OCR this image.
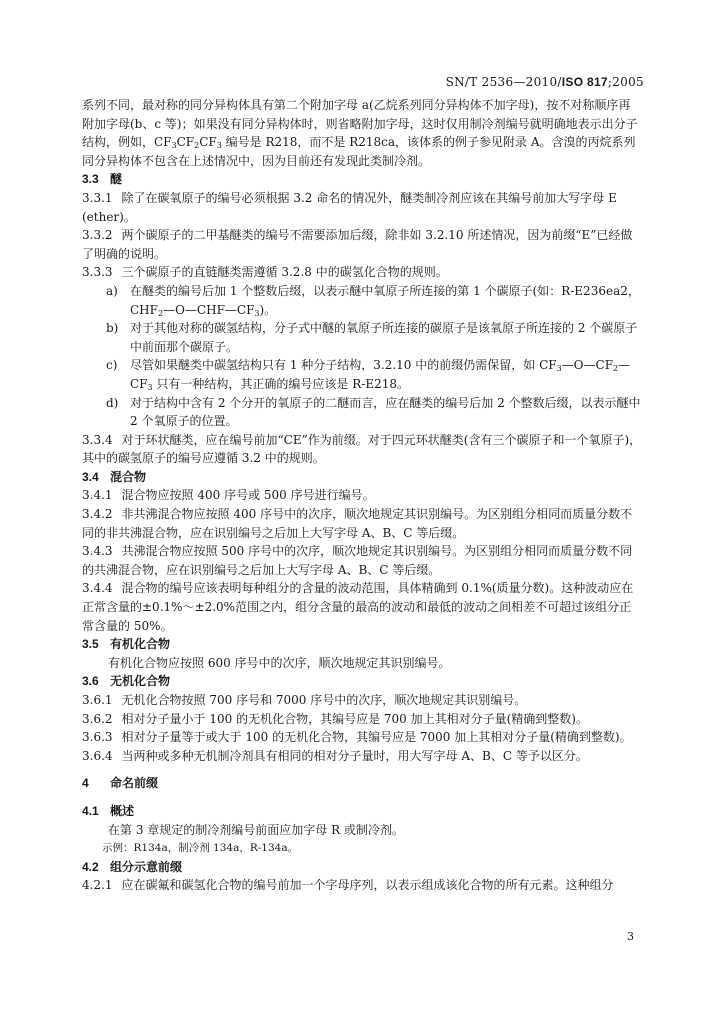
SN/T 2536—2010/ISO 817;2005

系列不同，最对称的同分异构体具有第二个附加字母 a(乙烷系列同分异构体不加字母)，按不对称顺序再附加字母(b、c 等)；如果没有同分异构体时，则省略附加字母，这时仅用制冷剂编号就明确地表示出分子结构，例如，$CF_3CF_2CF_3$ 编号是 R218，而不是 R218ca，该体系的例子参见附录 A。含溴的丙烷系列同分异构体不包含在上述情况中，因为目前还有发现此类制冷剂。

3.3 醚

3.3.1 除了在碳氧原子的编号必须根据 3.2 命名的情况外，醚类制冷剂应该在其编号前加大写字母 E (ether)。

3.3.2 两个碳原子的二甲基醚类的编号不需要添加后缀，除非如 3.2.10 所述情况，因为前缀“E”已经做了明确的说明。

3.3.3 三个碳原子的直链醚类需遵循 3.2.8 中的碳氢化合物的规则。

a) 在醚类的编号后加 1 个整数后缀，以表示醚中氧原子所连接的第 1 个碳原子(如：R-E236ea2，$CHF_2—O—CHF—CF_3$)。

b) 对于其他对称的碳氢结构，分子式中醚的氧原子所连接的碳原子是该氧原子所连接的 2 个碳原子中前面那个碳原子。

c) 尽管如果醚类中碳氢结构只有 1 种分子结构，3.2.10 中的前缀仍需保留，如 $CF_3—O—CF_2—CF_3$ 只有一种结构，其正确的编号应该是 R-E218。

d) 对于结构中含有 2 个分开的氧原子的二醚而言，应在醚类的编号后加 2 个整数后缀，以表示醚中 2 个氧原子的位置。

3.3.4 对于环状醚类，应在编号前加“CE”作为前缀。对于四元环状醚类(含有三个碳原子和一个氧原子)，其中的碳氢原子的编号应遵循 3.2 中的规则。

3.4 混合物

3.4.1 混合物应按照 400 序号或 500 序号进行编号。

3.4.2 非共沸混合物应按照 400 序号中的次序，顺次地规定其识别编号。为区别组分相同而质量分数不同的非共沸混合物，应在识别编号之后加上大写字母 A、B、C 等后缀。

3.4.3 共沸混合物应按照 500 序号中的次序，顺次地规定其识别编号。为区别组分相同而质量分数不同的共沸混合物，应在识别编号之后加上大写字母 A、B、C 等后缀。

3.4.4 混合物的编号应该表明每种组分的含量的波动范围，具体精确到 0.1%(质量分数)。这种波动应在正常含量的±0.1%～±2.0%范围之内，组分含量的最高的波动和最低的波动之间相差不可超过该组分正常含量的 50%。

3.5 有机化合物

有机化合物应按照 600 序号中的次序，顺次地规定其识别编号。

3.6 无机化合物

3.6.1 无机化合物按照 700 序号和 7000 序号中的次序，顺次地规定其识别编号。

3.6.2 相对分子量小于 100 的无机化合物，其编号应是 700 加上其相对分子量(精确到整数)。

3.6.3 相对分子量等于或大于 100 的无机化合物，其编号应是 7000 加上其相对分子量(精确到整数)。

3.6.4 当两种或多种无机制冷剂具有相同的相对分子量时，用大写字母 A、B、C 等予以区分。

4 命名前缀

4.1 概述

在第 3 章规定的制冷剂编号前面应加字母 R 或制冷剂。

示例：R134a，制冷剂 134a，R-134a。

4.2 组分示意前缀

4.2.1 应在碳氟和碳氢化合物的编号前加一个字母序列，以表示组成该化合物的所有元素。这种组分

3
